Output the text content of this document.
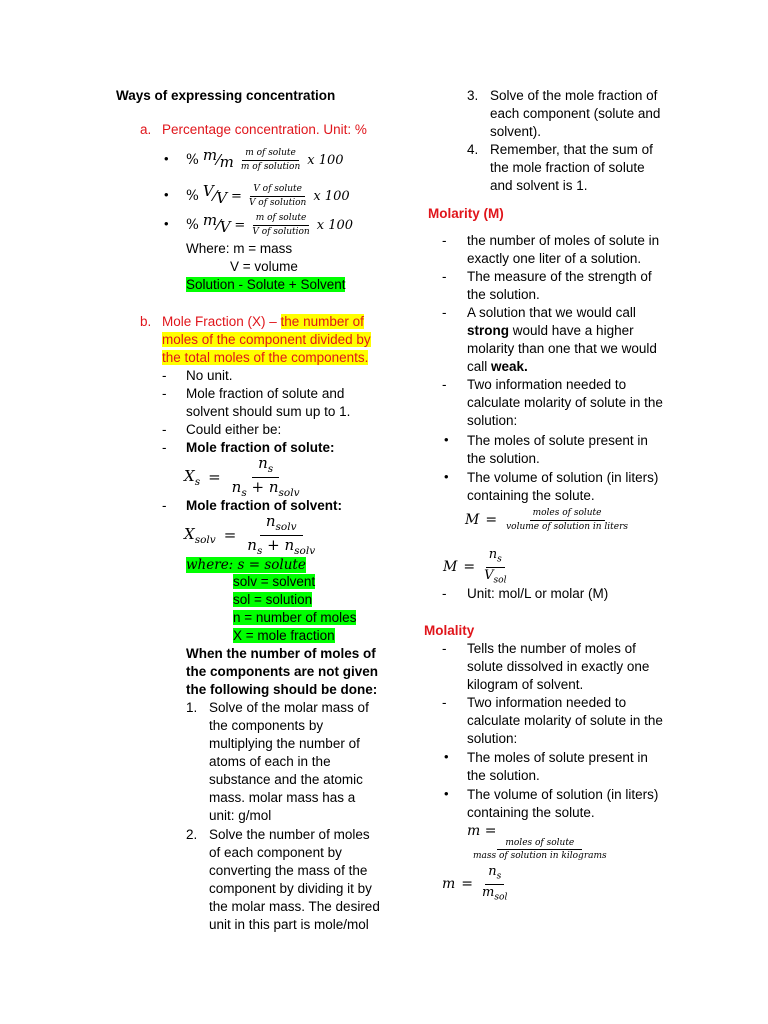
Ways of expressing concentration
a. Percentage concentration. Unit: %
• % m⁄m $\frac{\text{m of solute}}{\text{m of solution}}$ x 100
• % V⁄V = $\frac{\text{V of solute}}{\text{V of solution}}$ x 100
• % m⁄V = $\frac{\text{m of solute}}{\text{V of solution}}$ x 100
Where: m = mass
V = volume
Solution - Solute + Solvent
b. Mole Fraction (X) – the number of
moles of the component divided by
the total moles of the components.
- No unit.
- Mole fraction of solute and
solvent should sum up to 1.
- Could either be:
- Mole fraction of solute:
$X_s = \frac{n_s}{n_s + n_{solv}}$
- Mole fraction of solvent:
$X_{solv} = \frac{n_{solv}}{n_s + n_{solv}}$
where: s = solute
solv = solvent
sol = solution
n = number of moles
X = mole fraction
When the number of moles of
the components are not given
the following should be done:
1. Solve of the molar mass of
the components by
multiplying the number of
atoms of each in the
substance and the atomic
mass. molar mass has a
unit: g/mol
2. Solve the number of moles
of each component by
converting the mass of the
component by dividing it by
the molar mass. The desired
unit in this part is mole/mol
3. Solve of the mole fraction of
each component (solute and
solvent).
4. Remember, that the sum of
the mole fraction of solute
and solvent is 1.
Molarity (M)
- the number of moles of solute in
exactly one liter of a solution.
- The measure of the strength of
the solution.
- A solution that we would call
strong would have a higher
molarity than one that we would
call weak.
- Two information needed to
calculate molarity of solute in the
solution:
• The moles of solute present in
the solution.
• The volume of solution (in liters)
containing the solute.
$M = \frac{\text{moles of solute}}{\text{volume of solution in liters}}$
$M = \frac{n_s}{V_{sol}}$
- Unit: mol/L or molar (M)
Molality
- Tells the number of moles of
solute dissolved in exactly one
kilogram of solvent.
- Two information needed to
calculate molarity of solute in the
solution:
• The moles of solute present in
the solution.
• The volume of solution (in liters)
containing the solute.
m =
$\frac{\text{moles of solute}}{\text{mass of solution in kilograms}}$
$m = \frac{n_s}{m_{sol}}$
